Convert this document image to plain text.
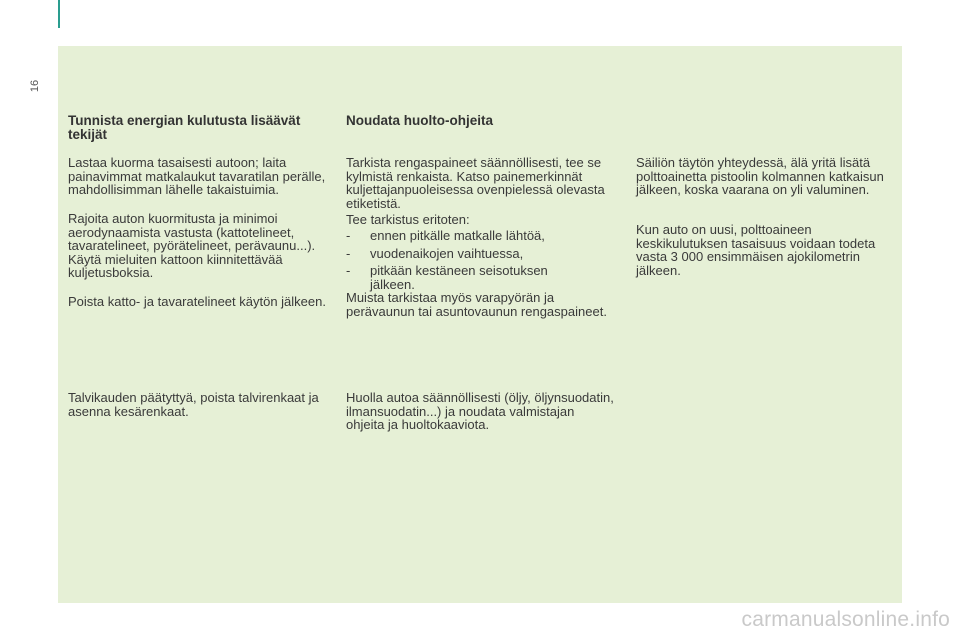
16
Tunnista energian kulutusta lisäävät tekijät

Lastaa kuorma tasaisesti autoon; laita painavimmat matkalaukut tavaratilan perälle, mahdollisimman lähelle takaistuimia.

Rajoita auton kuormitusta ja minimoi aerodynaamista vastusta (kattotelineet, tavaratelineet, pyörätelineet, perävaunu...). Käytä mieluiten kattoon kiinnitettävää kuljetusboksia.

Poista katto- ja tavaratelineet käytön jälkeen.

Talvikauden päätyttyä, poista talvirenkaat ja asenna kesärenkaat.

Noudata huolto-ohjeita

Tarkista rengaspaineet säännöllisesti, tee se kylmistä renkaista. Katso painemerkinnät kuljettajanpuoleisessa ovenpielessä olevasta etiketistä.

Tee tarkistus eritoten:

- ennen pitkälle matkalle lähtöä,
- vuodenaikojen vaihtuessa,
- pitkään kestäneen seisotuksen jälkeen.

Muista tarkistaa myös varapyörän ja perävaunun tai asuntovaunun rengaspaineet.

Huolla autoa säännöllisesti (öljy, öljynsuodatin, ilmansuodatin...) ja noudata valmistajan ohjeita ja huoltokaaviota.

Säiliön täytön yhteydessä, älä yritä lisätä polttoainetta pistoolin kolmannen katkaisun jälkeen, koska vaarana on yli valuminen.

Kun auto on uusi, polttoaineen keskikulutuksen tasaisuus voidaan todeta vasta 3 000 ensimmäisen ajokilometrin jälkeen.

carmanualsonline.info
